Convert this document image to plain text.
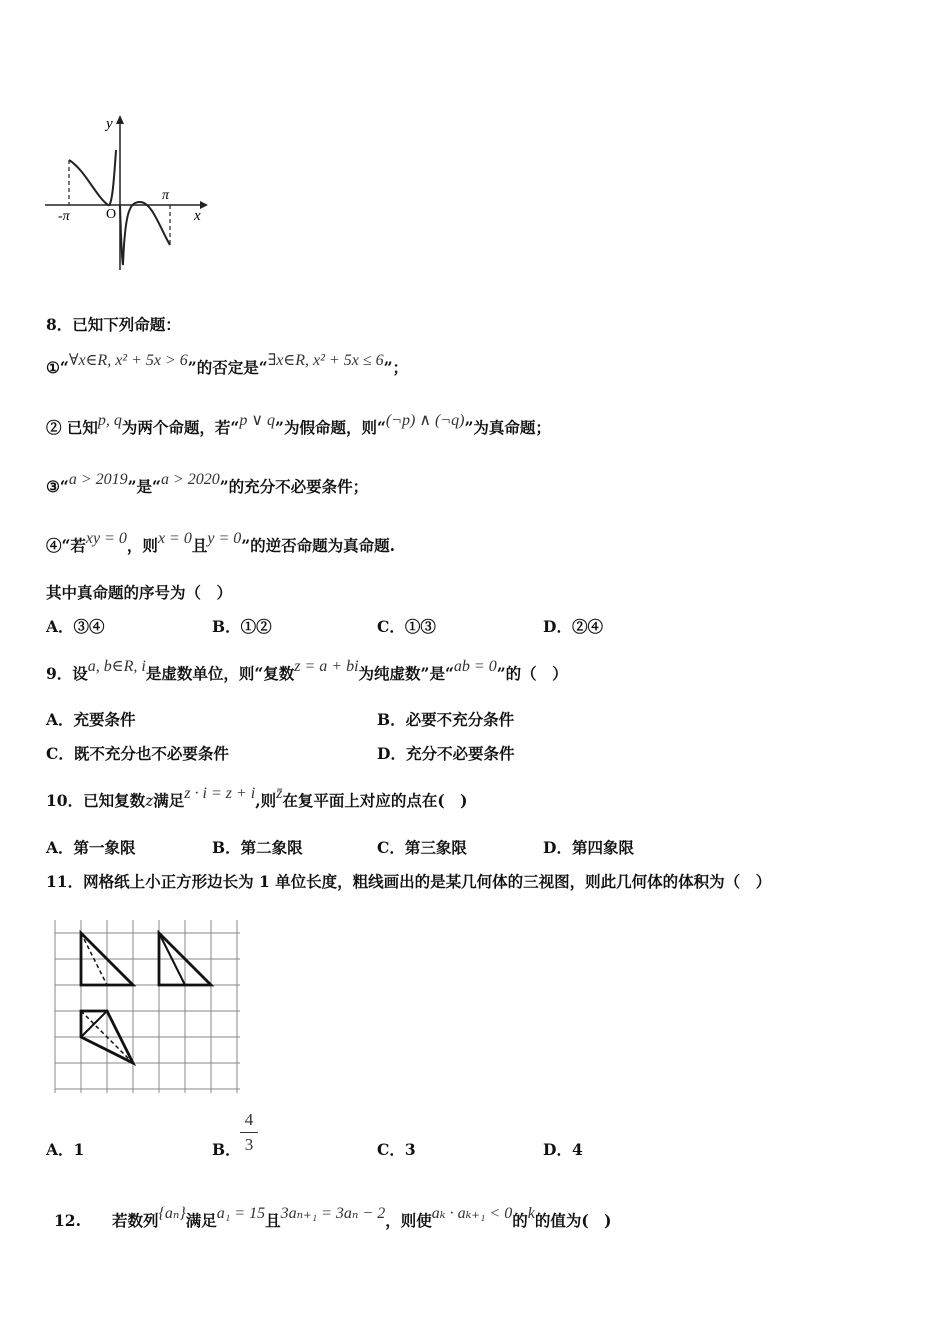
y
x
O
-π
π
8．已知下列命题：
①“∀x∈R, x² + 5x > 6”的否定是“∃x∈R, x² + 5x ≤ 6”；
② 已知p, q为两个命题，若“p ∨ q”为假命题，则“(¬p) ∧ (¬q)”为真命题；
③“a > 2019”是“a > 2020”的充分不必要条件；
④“若xy = 0，则x = 0且y = 0”的逆否命题为真命题.
其中真命题的序号为（　）
A．③④	B．①②	C．①③	D．②④
9．设a, b∈R, i是虚数单位，则“复数z = a + bi为纯虚数”是“ab = 0”的（　）
A．充要条件	B．必要不充分条件
C．既不充分也不必要条件	D．充分不必要条件
10．已知复数z满足z · i = z + i,则z̄在复平面上对应的点在(　)
A．第一象限	B．第二象限	C．第三象限	D．第四象限
11．网格纸上小正方形边长为 1 单位长度，粗线画出的是某几何体的三视图，则此几何体的体积为（　）
A．1	B．
4
3	C．3	D．4
12.　　若数列{aₙ}满足a₁ = 15且3aₙ₊₁ = 3aₙ − 2，则使aₖ · aₖ₊₁ < 0的k的值为(　)
